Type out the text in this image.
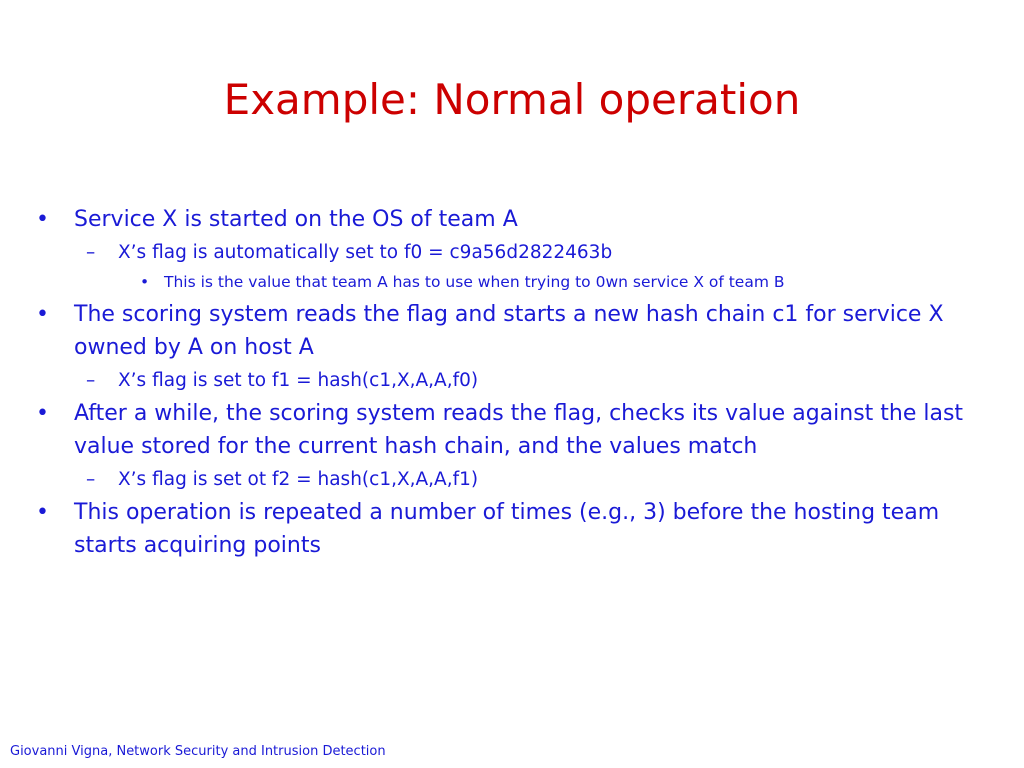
Example: Normal operation
• Service X is started on the OS of team A
– X’s flag is automatically set to f0 = c9a56d2822463b
• This is the value that team A has to use when trying to 0wn service X of team B
• The scoring system reads the flag and starts a new hash chain c1 for service X owned by A on host A
– X’s flag is set to f1 = hash(c1,X,A,A,f0)
• After a while, the scoring system reads the flag, checks its value against the last value stored for the current hash chain, and the values match
– X’s flag is set ot f2 = hash(c1,X,A,A,f1)
• This operation is repeated a number of times (e.g., 3) before the hosting team starts acquiring points

Giovanni Vigna, Network Security and Intrusion Detection
